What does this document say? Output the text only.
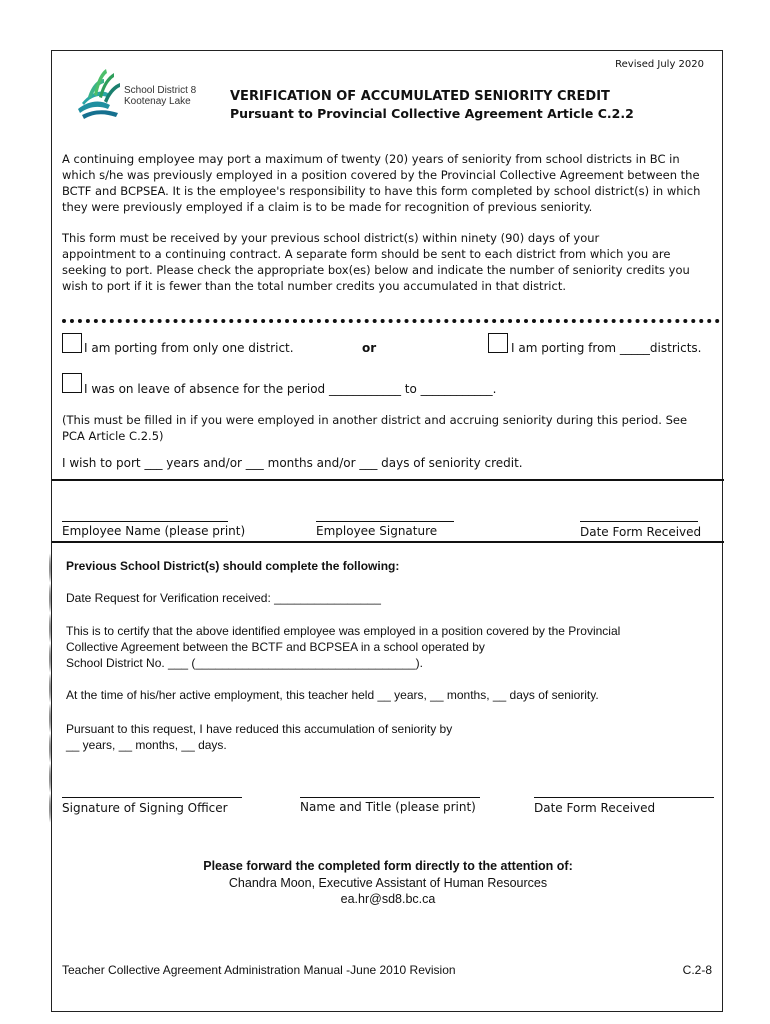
Revised July 2020
School District 8
Kootenay Lake	VERIFICATION OF ACCUMULATED SENIORITY CREDIT
Pursuant to Provincial Collective Agreement Article C.2.2
A continuing employee may port a maximum of twenty (20) years of seniority from school districts in BC in
which s/he was previously employed in a position covered by the Provincial Collective Agreement between the
BCTF and BCPSEA. It is the employee's responsibility to have this form completed by school district(s) in which
they were previously employed if a claim is to be made for recognition of previous seniority.
This form must be received by your previous school district(s) within ninety (90) days of your
appointment to a continuing contract. A separate form should be sent to each district from which you are
seeking to port. Please check the appropriate box(es) below and indicate the number of seniority credits you
wish to port if it is fewer than the total number credits you accumulated in that district.
I am porting from only one district.	or	I am porting from _____districts.
I was on leave of absence for the period ____________ to ____________.
(This must be filled in if you were employed in another district and accruing seniority during this period. See
PCA Article C.2.5)
I wish to port ___ years and/or ___ months and/or ___ days of seniority credit.
Employee Name (please print)	Employee Signature	Date Form Received
Previous School District(s) should complete the following:
Date Request for Verification received: ________________
This is to certify that the above identified employee was employed in a position covered by the Provincial
Collective Agreement between the BCTF and BCPSEA in a school operated by
School District No. ___ (_________________________________).
At the time of his/her active employment, this teacher held __ years, __ months, __ days of seniority.
Pursuant to this request, I have reduced this accumulation of seniority by
__ years, __ months, __ days.
Signature of Signing Officer	Name and Title (please print)	Date Form Received
Please forward the completed form directly to the attention of:
Chandra Moon, Executive Assistant of Human Resources
ea.hr@sd8.bc.ca
Teacher Collective Agreement Administration Manual -June 2010 Revision	C.2-8
